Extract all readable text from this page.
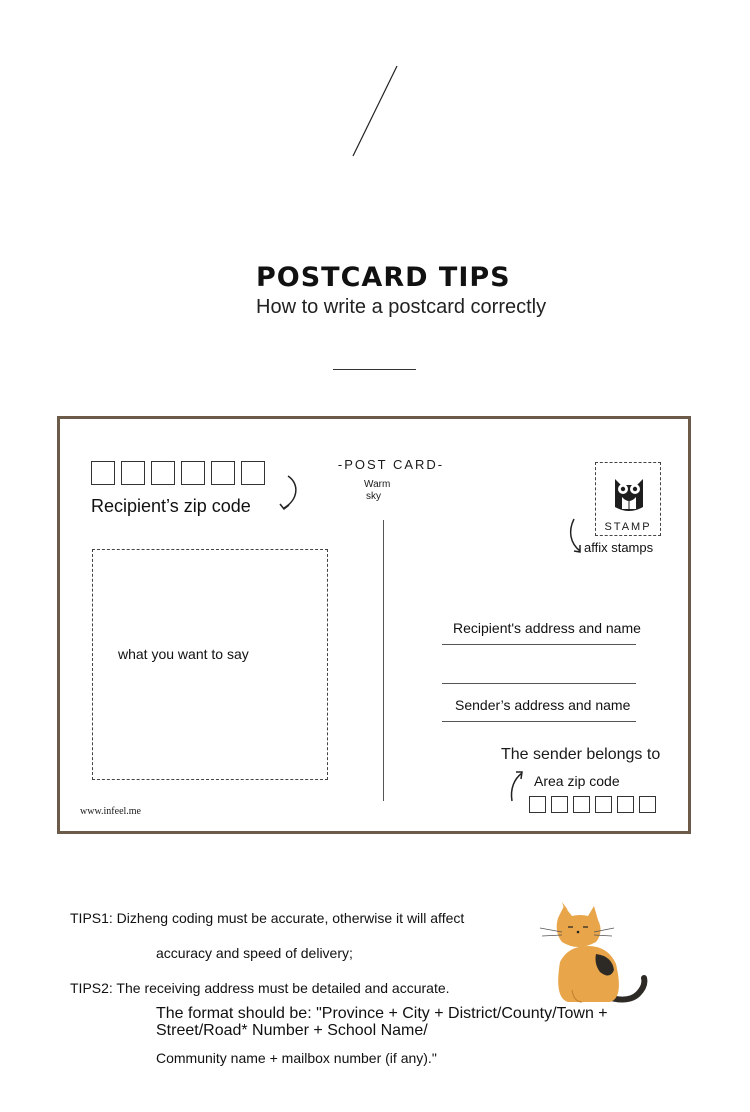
POSTCARD TIPS
How to write a postcard correctly
Recipient’s zip code
-POST CARD-
Warm
sky
STAMP
affix stamps
what you want to say
Recipient's address and name
Sender’s address and name
The sender belongs to
Area zip code
www.infeel.me
TIPS1: Dizheng coding must be accurate, otherwise it will affect
accuracy and speed of delivery;
TIPS2: The receiving address must be detailed and accurate.
The format should be: "Province + City + District/County/Town +
Street/Road* Number + School Name/
Community name + mailbox number (if any)."
